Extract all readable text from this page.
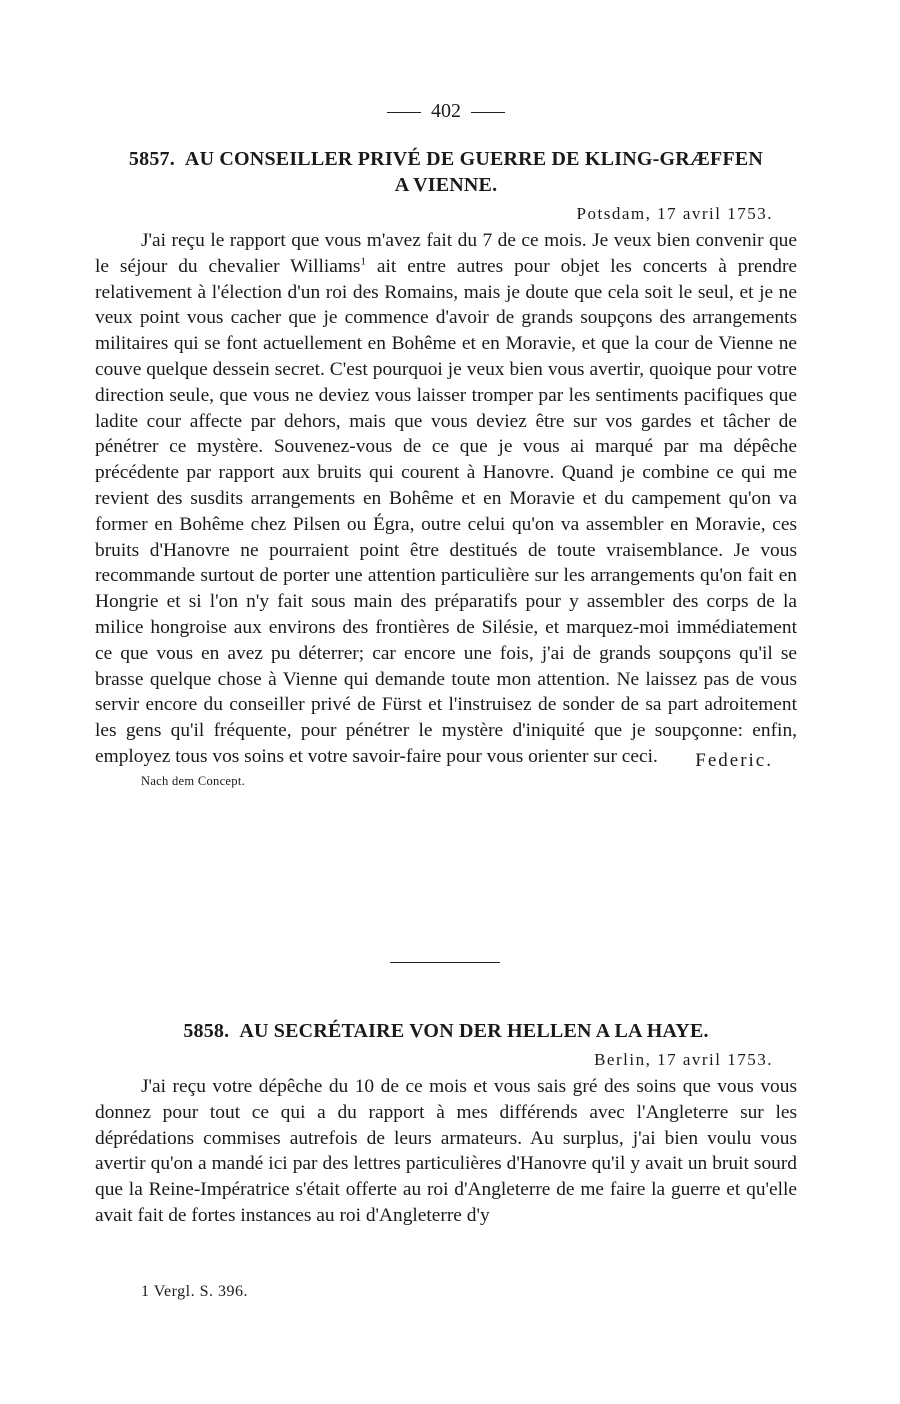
402
5857. AU CONSEILLER PRIVÉ DE GUERRE DE KLING-GRÆFFEN A VIENNE.
Potsdam, 17 avril 1753.

J'ai reçu le rapport que vous m'avez fait du 7 de ce mois. Je veux bien convenir que le séjour du chevalier Williams$^1$ ait entre autres pour objet les concerts à prendre relativement à l'élection d'un roi des Romains, mais je doute que cela soit le seul, et je ne veux point vous cacher que je commence d'avoir de grands soupçons des arrangements militaires qui se font actuellement en Bohême et en Moravie, et que la cour de Vienne ne couve quelque dessein secret. C'est pourquoi je veux bien vous avertir, quoique pour votre direction seule, que vous ne deviez vous laisser tromper par les sentiments pacifiques que ladite cour affecte par dehors, mais que vous deviez être sur vos gardes et tâcher de pénétrer ce mystère. Souvenez-vous de ce que je vous ai marqué par ma dépêche précédente par rapport aux bruits qui courent à Hanovre. Quand je combine ce qui me revient des susdits arrangements en Bohême et en Moravie et du campement qu'on va former en Bohême chez Pilsen ou Égra, outre celui qu'on va assembler en Moravie, ces bruits d'Hanovre ne pourraient point être destitués de toute vraisemblance. Je vous recommande surtout de porter une attention particulière sur les arrangements qu'on fait en Hongrie et si l'on n'y fait sous main des préparatifs pour y assembler des corps de la milice hongroise aux environs des frontières de Silésie, et marquez-moi immédiatement ce que vous en avez pu déterrer; car encore une fois, j'ai de grands soupçons qu'il se brasse quelque chose à Vienne qui demande toute mon attention. Ne laissez pas de vous servir encore du conseiller privé de Fürst et l'instruisez de sonder de sa part adroitement les gens qu'il fréquente, pour pénétrer le mystère d'iniquité que je soupçonne: enfin, employez tous vos soins et votre savoir-faire pour vous orienter sur ceci.	Federic.
Nach dem Concept.
5858. AU SECRÉTAIRE VON DER HELLEN A LA HAYE.
Berlin, 17 avril 1753.

J'ai reçu votre dépêche du 10 de ce mois et vous sais gré des soins que vous vous donnez pour tout ce qui a du rapport à mes différends avec l'Angleterre sur les déprédations commises autrefois de leurs armateurs. Au surplus, j'ai bien voulu vous avertir qu'on a mandé ici par des lettres particulières d'Hanovre qu'il y avait un bruit sourd que la Reine-Impératrice s'était offerte au roi d'Angleterre de me faire la guerre et qu'elle avait fait de fortes instances au roi d'Angleterre d'y

1 Vergl. S. 396.
